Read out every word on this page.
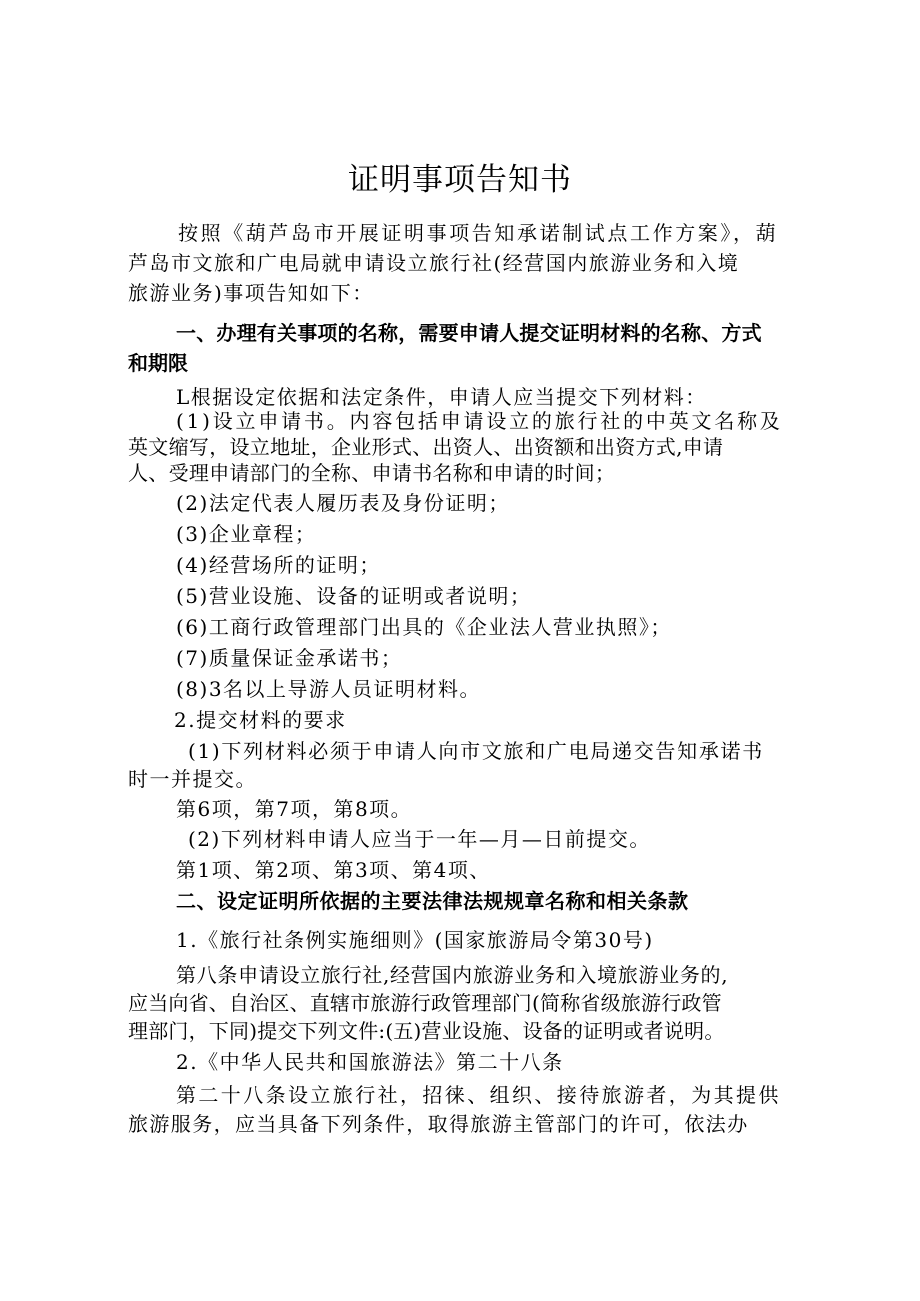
证明事项告知书
按照《葫芦岛市开展证明事项告知承诺制试点工作方案》，葫
芦岛市文旅和广电局就申请设立旅行社(经营国内旅游业务和入境
旅游业务)事项告知如下：
一、办理有关事项的名称，需要申请人提交证明材料的名称、方式
和期限
L根据设定依据和法定条件，申请人应当提交下列材料：
(1)设立申请书。内容包括申请设立的旅行社的中英文名称及
英文缩写，设立地址，企业形式、出资人、出资额和出资方式,申请
人、受理申请部门的全称、申请书名称和申请的时间；
(2)法定代表人履历表及身份证明；
(3)企业章程；
(4)经营场所的证明；
(5)营业设施、设备的证明或者说明；
(6)工商行政管理部门出具的《企业法人营业执照》；
(7)质量保证金承诺书；
(8)3名以上导游人员证明材料。
2.提交材料的要求
(1)下列材料必须于申请人向市文旅和广电局递交告知承诺书
时一并提交。
第6项，第7项，第8项。
(2)下列材料申请人应当于一年—月—日前提交。
第1项、第2项、第3项、第4项、
二、设定证明所依据的主要法律法规规章名称和相关条款
1.《旅行社条例实施细则》(国家旅游局令第30号)
第八条申请设立旅行社,经营国内旅游业务和入境旅游业务的,
应当向省、自治区、直辖市旅游行政管理部门(简称省级旅游行政管
理部门，下同)提交下列文件:(五)营业设施、设备的证明或者说明。
2.《中华人民共和国旅游法》第二十八条
第二十八条设立旅行社，招徕、组织、接待旅游者，为其提供
旅游服务，应当具备下列条件，取得旅游主管部门的许可，依法办
